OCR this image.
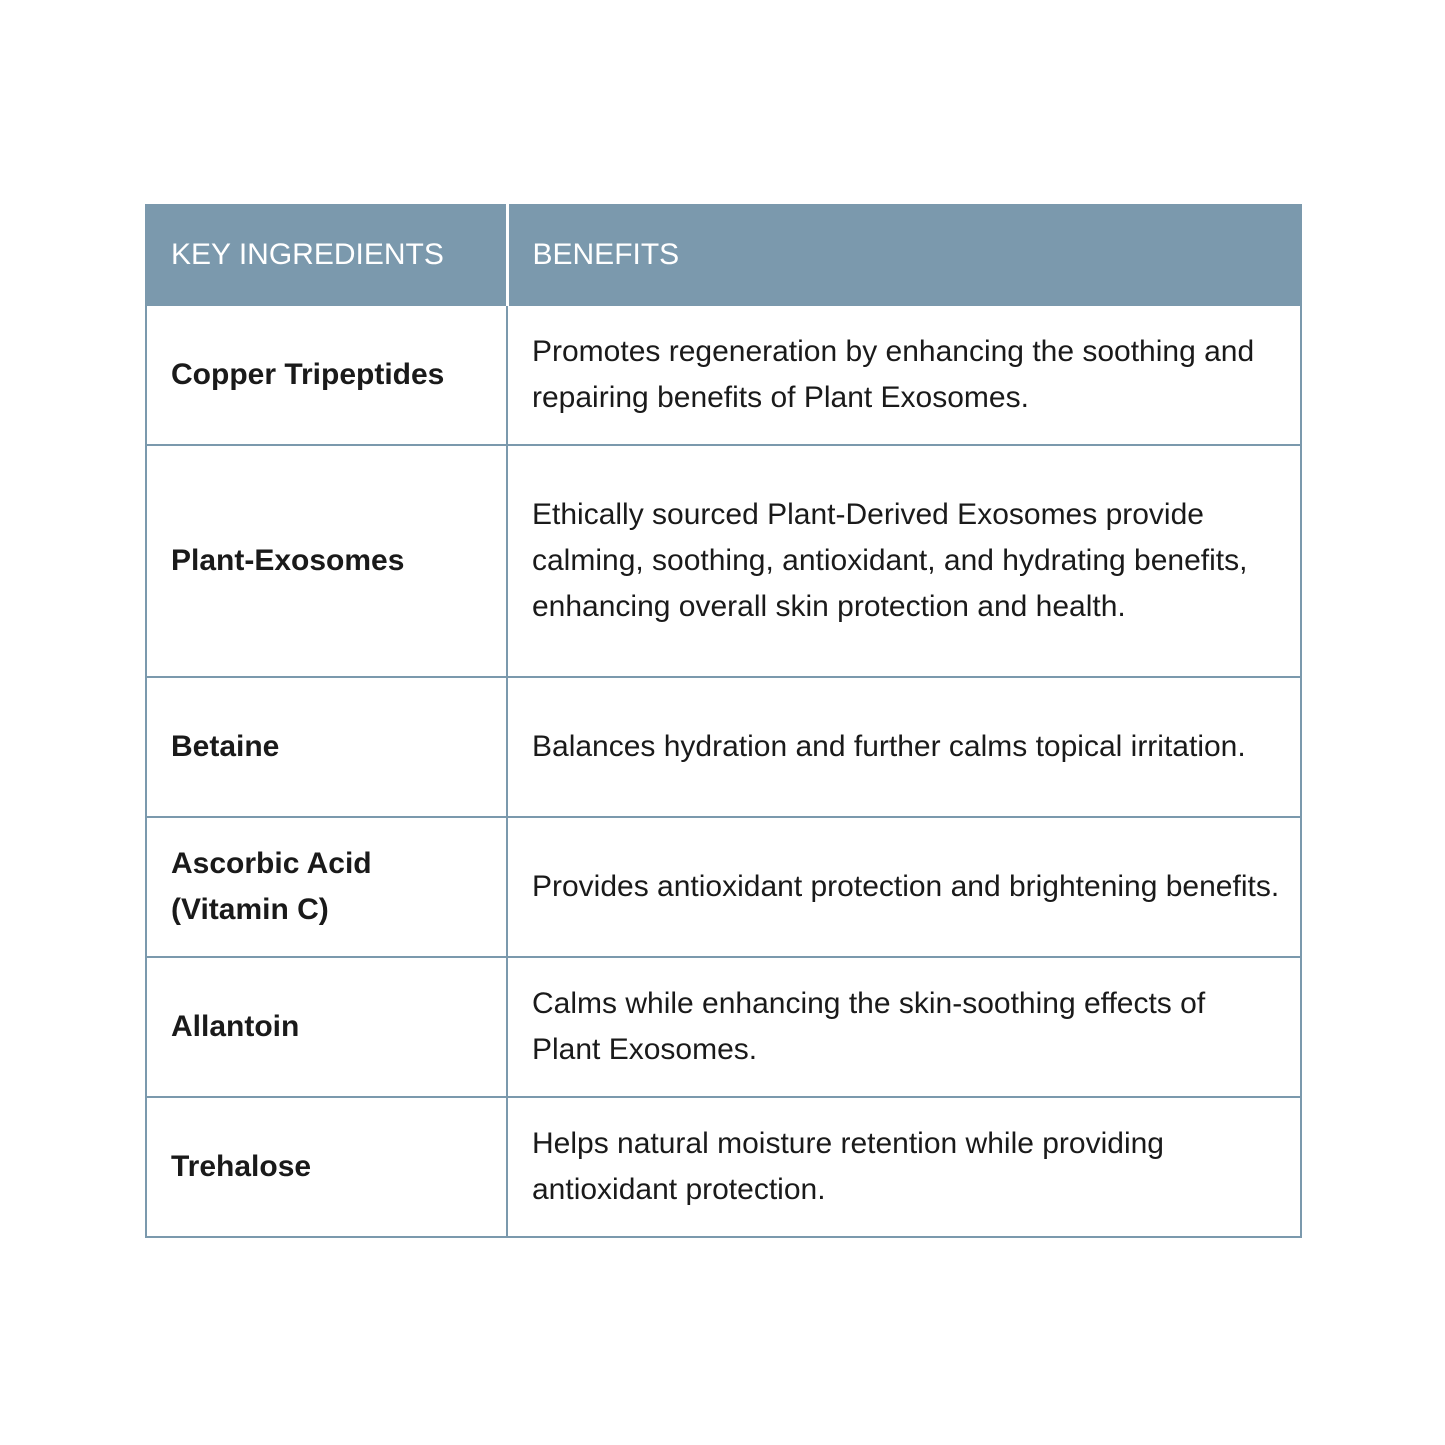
KEY INGREDIENTS	BENEFITS
Copper Tripeptides	Promotes regeneration by enhancing the soothing and repairing benefits of Plant Exosomes.
Plant-Exosomes	Ethically sourced Plant-Derived Exosomes provide calming, soothing, antioxidant, and hydrating benefits, enhancing overall skin protection and health.
Betaine	Balances hydration and further calms topical irritation.
Ascorbic Acid (Vitamin C)	Provides antioxidant protection and brightening benefits.
Allantoin	Calms while enhancing the skin-soothing effects of Plant Exosomes.
Trehalose	Helps natural moisture retention while providing antioxidant protection.
